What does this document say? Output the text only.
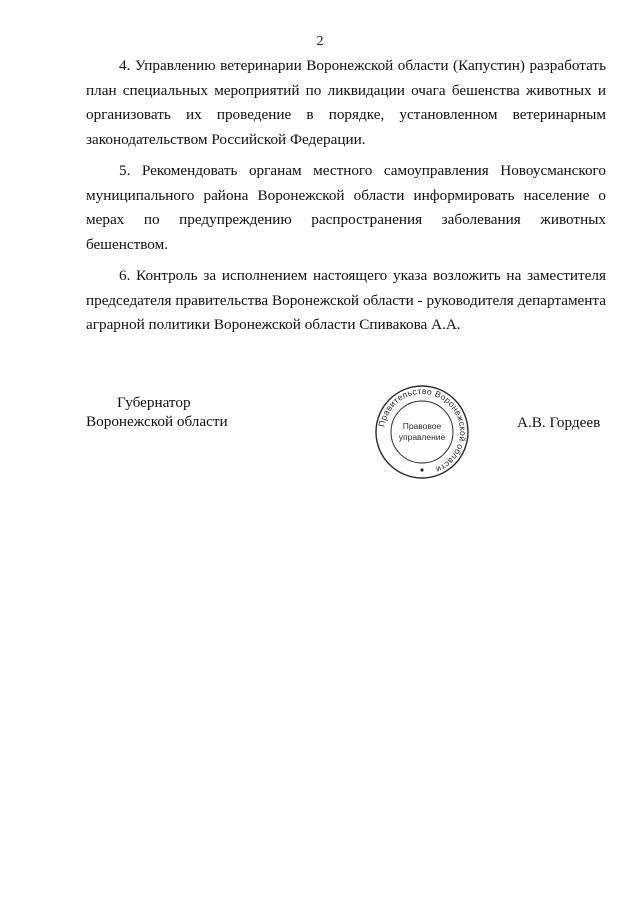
2

4. Управлению ветеринарии Воронежской области (Капустин) разработать план специальных мероприятий по ликвидации очага бешенства животных и организовать их проведение в порядке, установленном ветеринарным законодательством Российской Федерации.

5. Рекомендовать органам местного самоуправления Новоусманского муниципального района Воронежской области информировать население о мерах по предупреждению распространения заболевания животных бешенством.

6. Контроль за исполнением настоящего указа возложить на заместителя председателя правительства Воронежской области - руководителя департамента аграрной политики Воронежской области Спивакова А.А.

Губернатор
Воронежской области	Правительство Воронежской области
Правовое
управление
А.В. Гордеев
